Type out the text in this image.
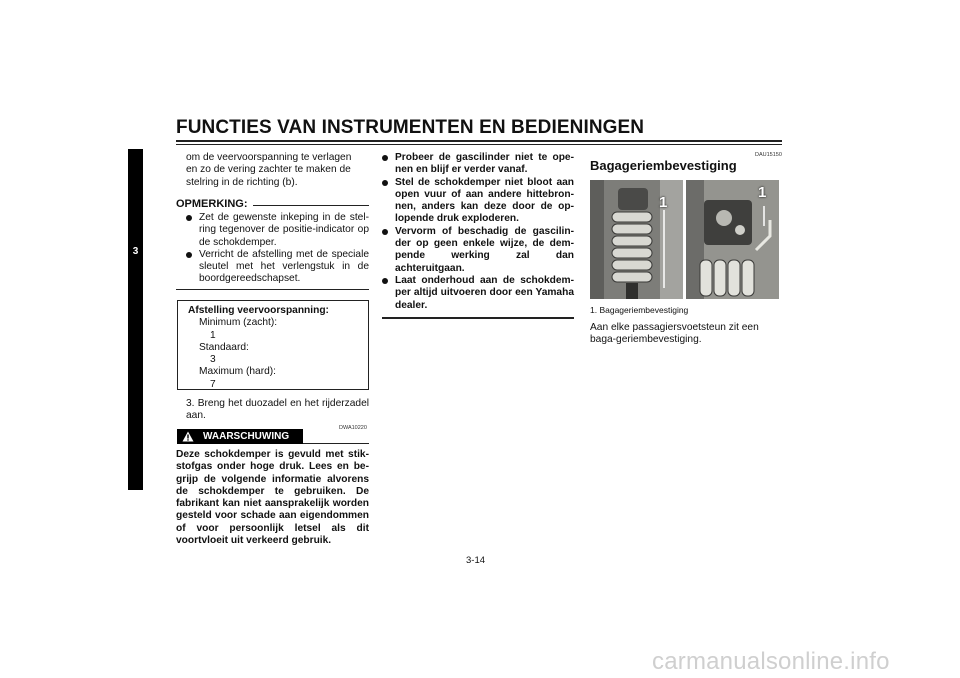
FUNCTIES VAN INSTRUMENTEN EN BEDIENINGEN
3
om de veervoorspanning te verlagen
en zo de vering zachter te maken de
stelring in de richting (b).
OPMERKING:
Zet de gewenste inkeping in de stel-ring tegenover de positie-indicator op de schokdemper.
Verricht de afstelling met de speciale sleutel met het verlengstuk in de boordgereedschapset.
Afstelling veervoorspanning:
Minimum (zacht):
1
Standaard:
3
Maximum (hard):
7
3. Breng het duozadel en het rijderzadel aan.
DWA10220
WAARSCHUWING
Deze schokdemper is gevuld met stik-stofgas onder hoge druk. Lees en be-grijp de volgende informatie alvorens de schokdemper te gebruiken. De fabrikant kan niet aansprakelijk worden gesteld voor schade aan eigendommen of voor persoonlijk letsel als dit voortvloeit uit verkeerd gebruik.
Probeer de gascilinder niet te ope-nen en blijf er verder vanaf.
Stel de schokdemper niet bloot aan open vuur of aan andere hittebron-nen, anders kan deze door de op-lopende druk exploderen.
Vervorm of beschadig de gascilin-der op geen enkele wijze, de dem-pende werking zal dan achteruitgaan.
Laat onderhoud aan de schokdem-per altijd uitvoeren door een Yamaha dealer.
DAU15150
Bagageriembevestiging
1
1
1. Bagageriembevestiging
Aan elke passagiersvoetsteun zit een baga-geriembevestiging.
3-14
carmanualsonline.info
